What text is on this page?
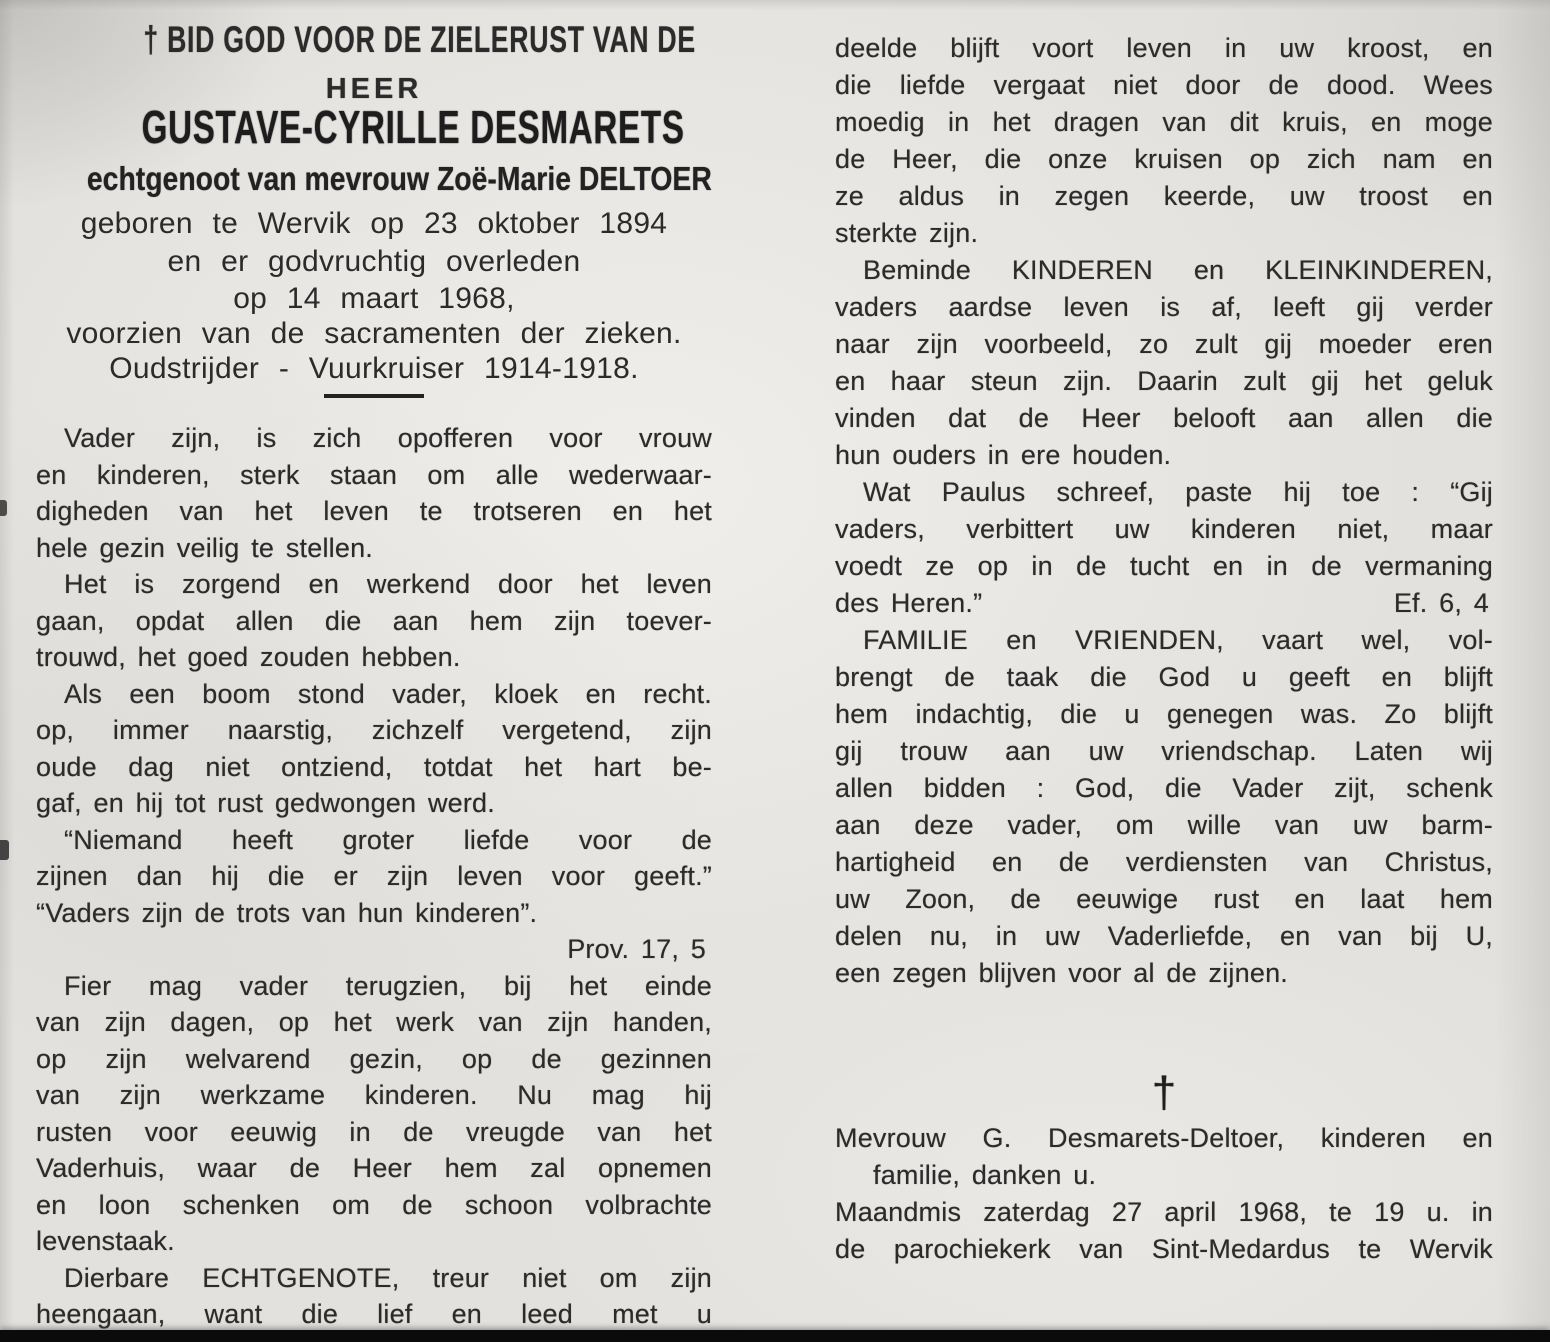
† BID GOD VOOR DE ZIELERUST VAN DE
HEER
GUSTAVE-CYRILLE DESMARETS
echtgenoot van mevrouw Zoë-Marie DELTOER
geboren te Wervik op 23 oktober 1894
en er godvruchtig overleden
op 14 maart 1968,
voorzien van de sacramenten der zieken.
Oudstrijder - Vuurkruiser 1914-1918.
Vader zijn, is zich opofferen voor vrouw
en kinderen, sterk staan om alle wederwaar-
digheden van het leven te trotseren en het
hele gezin veilig te stellen.
Het is zorgend en werkend door het leven
gaan, opdat allen die aan hem zijn toever-
trouwd, het goed zouden hebben.
Als een boom stond vader, kloek en recht.
op, immer naarstig, zichzelf vergetend, zijn
oude dag niet ontziend, totdat het hart be-
gaf, en hij tot rust gedwongen werd.
“Niemand heeft groter liefde voor de
zijnen dan hij die er zijn leven voor geeft.”
“Vaders zijn de trots van hun kinderen”.
Prov. 17, 5
Fier mag vader terugzien, bij het einde
van zijn dagen, op het werk van zijn handen,
op zijn welvarend gezin, op de gezinnen
van zijn werkzame kinderen. Nu mag hij
rusten voor eeuwig in de vreugde van het
Vaderhuis, waar de Heer hem zal opnemen
en loon schenken om de schoon volbrachte
levenstaak.
Dierbare ECHTGENOTE, treur niet om zijn
heengaan, want die lief en leed met u
deelde blijft voort leven in uw kroost, en
die liefde vergaat niet door de dood. Wees
moedig in het dragen van dit kruis, en moge
de Heer, die onze kruisen op zich nam en
ze aldus in zegen keerde, uw troost en
sterkte zijn.
Beminde KINDEREN en KLEINKINDEREN,
vaders aardse leven is af, leeft gij verder
naar zijn voorbeeld, zo zult gij moeder eren
en haar steun zijn. Daarin zult gij het geluk
vinden dat de Heer belooft aan allen die
hun ouders in ere houden.
Wat Paulus schreef, paste hij toe : “Gij
vaders, verbittert uw kinderen niet, maar
voedt ze op in de tucht en in de vermaning
des Heren.”	Ef. 6, 4
FAMILIE en VRIENDEN, vaart wel, vol-
brengt de taak die God u geeft en blijft
hem indachtig, die u genegen was. Zo blijft
gij trouw aan uw vriendschap. Laten wij
allen bidden : God, die Vader zijt, schenk
aan deze vader, om wille van uw barm-
hartigheid en de verdiensten van Christus,
uw Zoon, de eeuwige rust en laat hem
delen nu, in uw Vaderliefde, en van bij U,
een zegen blijven voor al de zijnen.
†
Mevrouw G. Desmarets-Deltoer, kinderen en
familie, danken u.
Maandmis zaterdag 27 april 1968, te 19 u. in
de parochiekerk van Sint-Medardus te Wervik
